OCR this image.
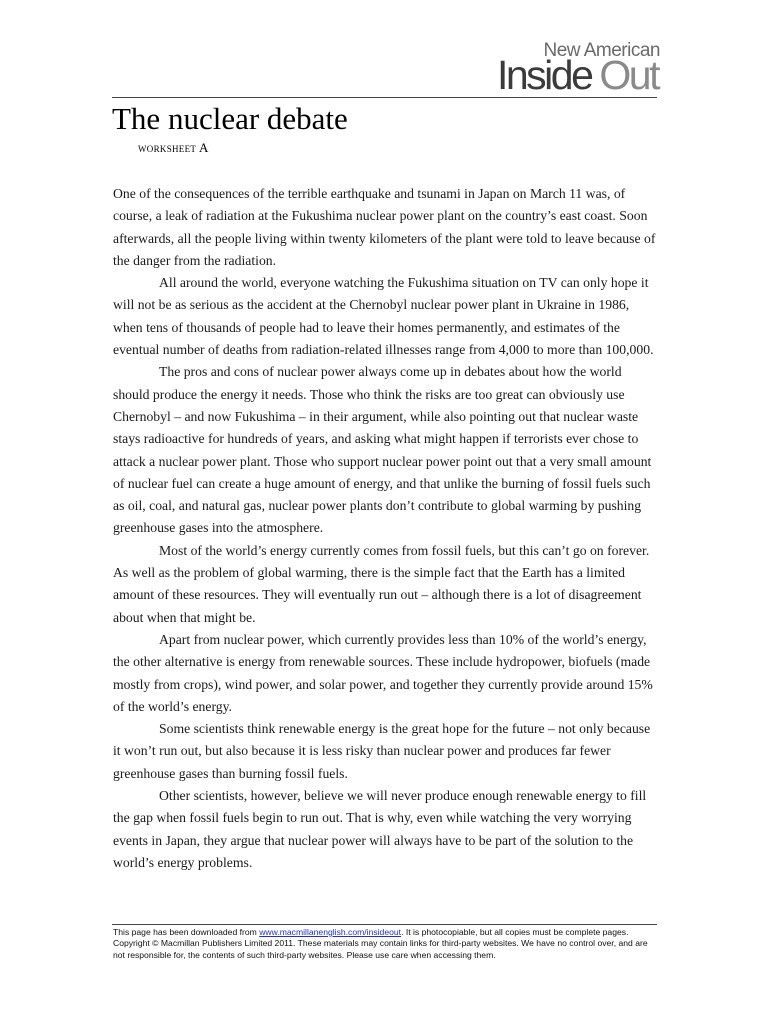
New American
Inside Out
The nuclear debate
worksheet A

One of the consequences of the terrible earthquake and tsunami in Japan on March 11 was, of course, a leak of radiation at the Fukushima nuclear power plant on the country’s east coast. Soon afterwards, all the people living within twenty kilometers of the plant were told to leave because of the danger from the radiation.

All around the world, everyone watching the Fukushima situation on TV can only hope it will not be as serious as the accident at the Chernobyl nuclear power plant in Ukraine in 1986, when tens of thousands of people had to leave their homes permanently, and estimates of the eventual number of deaths from radiation-related illnesses range from 4,000 to more than 100,000.

The pros and cons of nuclear power always come up in debates about how the world should produce the energy it needs. Those who think the risks are too great can obviously use Chernobyl – and now Fukushima – in their argument, while also pointing out that nuclear waste stays radioactive for hundreds of years, and asking what might happen if terrorists ever chose to attack a nuclear power plant. Those who support nuclear power point out that a very small amount of nuclear fuel can create a huge amount of energy, and that unlike the burning of fossil fuels such as oil, coal, and natural gas, nuclear power plants don’t contribute to global warming by pushing greenhouse gases into the atmosphere.

Most of the world’s energy currently comes from fossil fuels, but this can’t go on forever. As well as the problem of global warming, there is the simple fact that the Earth has a limited amount of these resources. They will eventually run out – although there is a lot of disagreement about when that might be.

Apart from nuclear power, which currently provides less than 10% of the world’s energy, the other alternative is energy from renewable sources. These include hydropower, biofuels (made mostly from crops), wind power, and solar power, and together they currently provide around 15% of the world’s energy.

Some scientists think renewable energy is the great hope for the future – not only because it won’t run out, but also because it is less risky than nuclear power and produces far fewer greenhouse gases than burning fossil fuels.

Other scientists, however, believe we will never produce enough renewable energy to fill the gap when fossil fuels begin to run out. That is why, even while watching the very worrying events in Japan, they argue that nuclear power will always have to be part of the solution to the world’s energy problems.

This page has been downloaded from www.macmillanenglish.com/insideout. It is photocopiable, but all copies must be complete pages. Copyright © Macmillan Publishers Limited 2011. These materials may contain links for third-party websites. We have no control over, and are not responsible for, the contents of such third-party websites. Please use care when accessing them.
